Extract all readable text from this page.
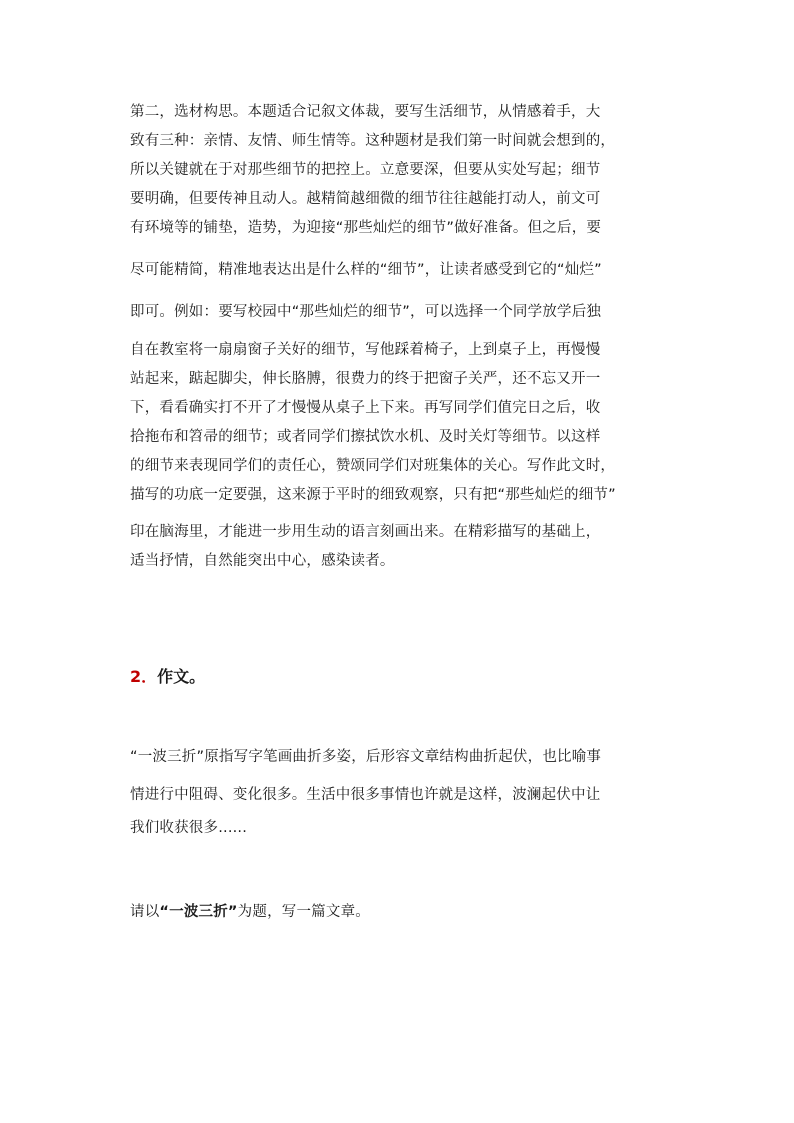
第二，选材构思。本题适合记叙文体裁，要写生活细节，从情感着手，大
致有三种：亲情、友情、师生情等。这种题材是我们第一时间就会想到的，
所以关键就在于对那些细节的把控上。立意要深，但要从实处写起；细节
要明确，但要传神且动人。越精简越细微的细节往往越能打动人，前文可
有环境等的铺垫，造势，为迎接“那些灿烂的细节”做好准备。但之后，要
尽可能精简，精准地表达出是什么样的“细节”，让读者感受到它的“灿烂”
即可。例如：要写校园中“那些灿烂的细节”，可以选择一个同学放学后独
自在教室将一扇扇窗子关好的细节，写他踩着椅子，上到桌子上，再慢慢
站起来，踮起脚尖，伸长胳膊，很费力的终于把窗子关严，还不忘又开一
下，看看确实打不开了才慢慢从桌子上下来。再写同学们值完日之后，收
拾拖布和笤帚的细节；或者同学们擦拭饮水机、及时关灯等细节。以这样
的细节来表现同学们的责任心，赞颂同学们对班集体的关心。写作此文时，
描写的功底一定要强，这来源于平时的细致观察，只有把“那些灿烂的细节”
印在脑海里，才能进一步用生动的语言刻画出来。在精彩描写的基础上，
适当抒情，自然能突出中心，感染读者。
2．作文。
“一波三折”原指写字笔画曲折多姿，后形容文章结构曲折起伏，也比喻事
情进行中阻碍、变化很多。生活中很多事情也许就是这样，波澜起伏中让
我们收获很多......
请以“一波三折”为题，写一篇文章。
